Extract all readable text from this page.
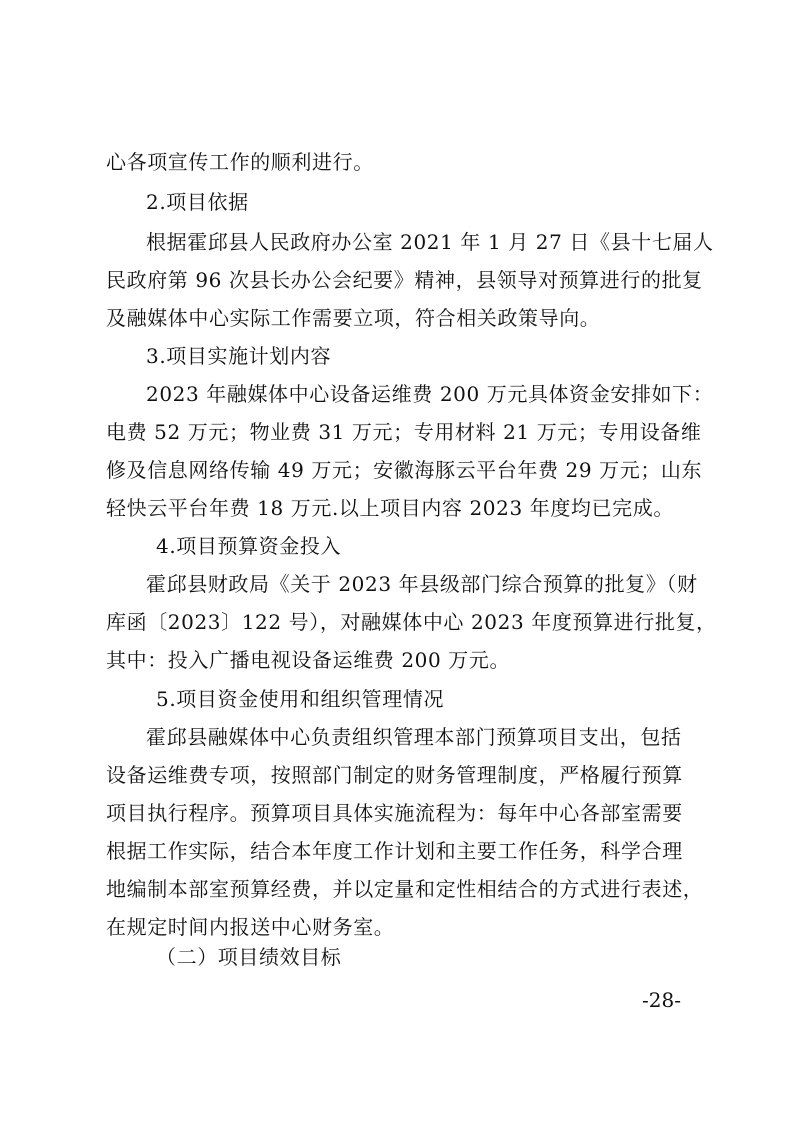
心各项宣传工作的顺利进行。
2.项目依据
根据霍邱县人民政府办公室 2021 年 1 月 27 日《县十七届人
民政府第 96 次县长办公会纪要》精神，县领导对预算进行的批复
及融媒体中心实际工作需要立项，符合相关政策导向。
3.项目实施计划内容
2023 年融媒体中心设备运维费 200 万元具体资金安排如下：
电费 52 万元；物业费 31 万元；专用材料 21 万元；专用设备维
修及信息网络传输 49 万元；安徽海豚云平台年费 29 万元；山东
轻快云平台年费 18 万元.以上项目内容 2023 年度均已完成。
4.项目预算资金投入
霍邱县财政局《关于 2023 年县级部门综合预算的批复》（财
库函〔2023〕122 号），对融媒体中心 2023 年度预算进行批复，
其中：投入广播电视设备运维费 200 万元。
5.项目资金使用和组织管理情况
霍邱县融媒体中心负责组织管理本部门预算项目支出，包括
设备运维费专项，按照部门制定的财务管理制度，严格履行预算
项目执行程序。预算项目具体实施流程为：每年中心各部室需要
根据工作实际，结合本年度工作计划和主要工作任务，科学合理
地编制本部室预算经费，并以定量和定性相结合的方式进行表述，
在规定时间内报送中心财务室。
（二）项目绩效目标
-28-
